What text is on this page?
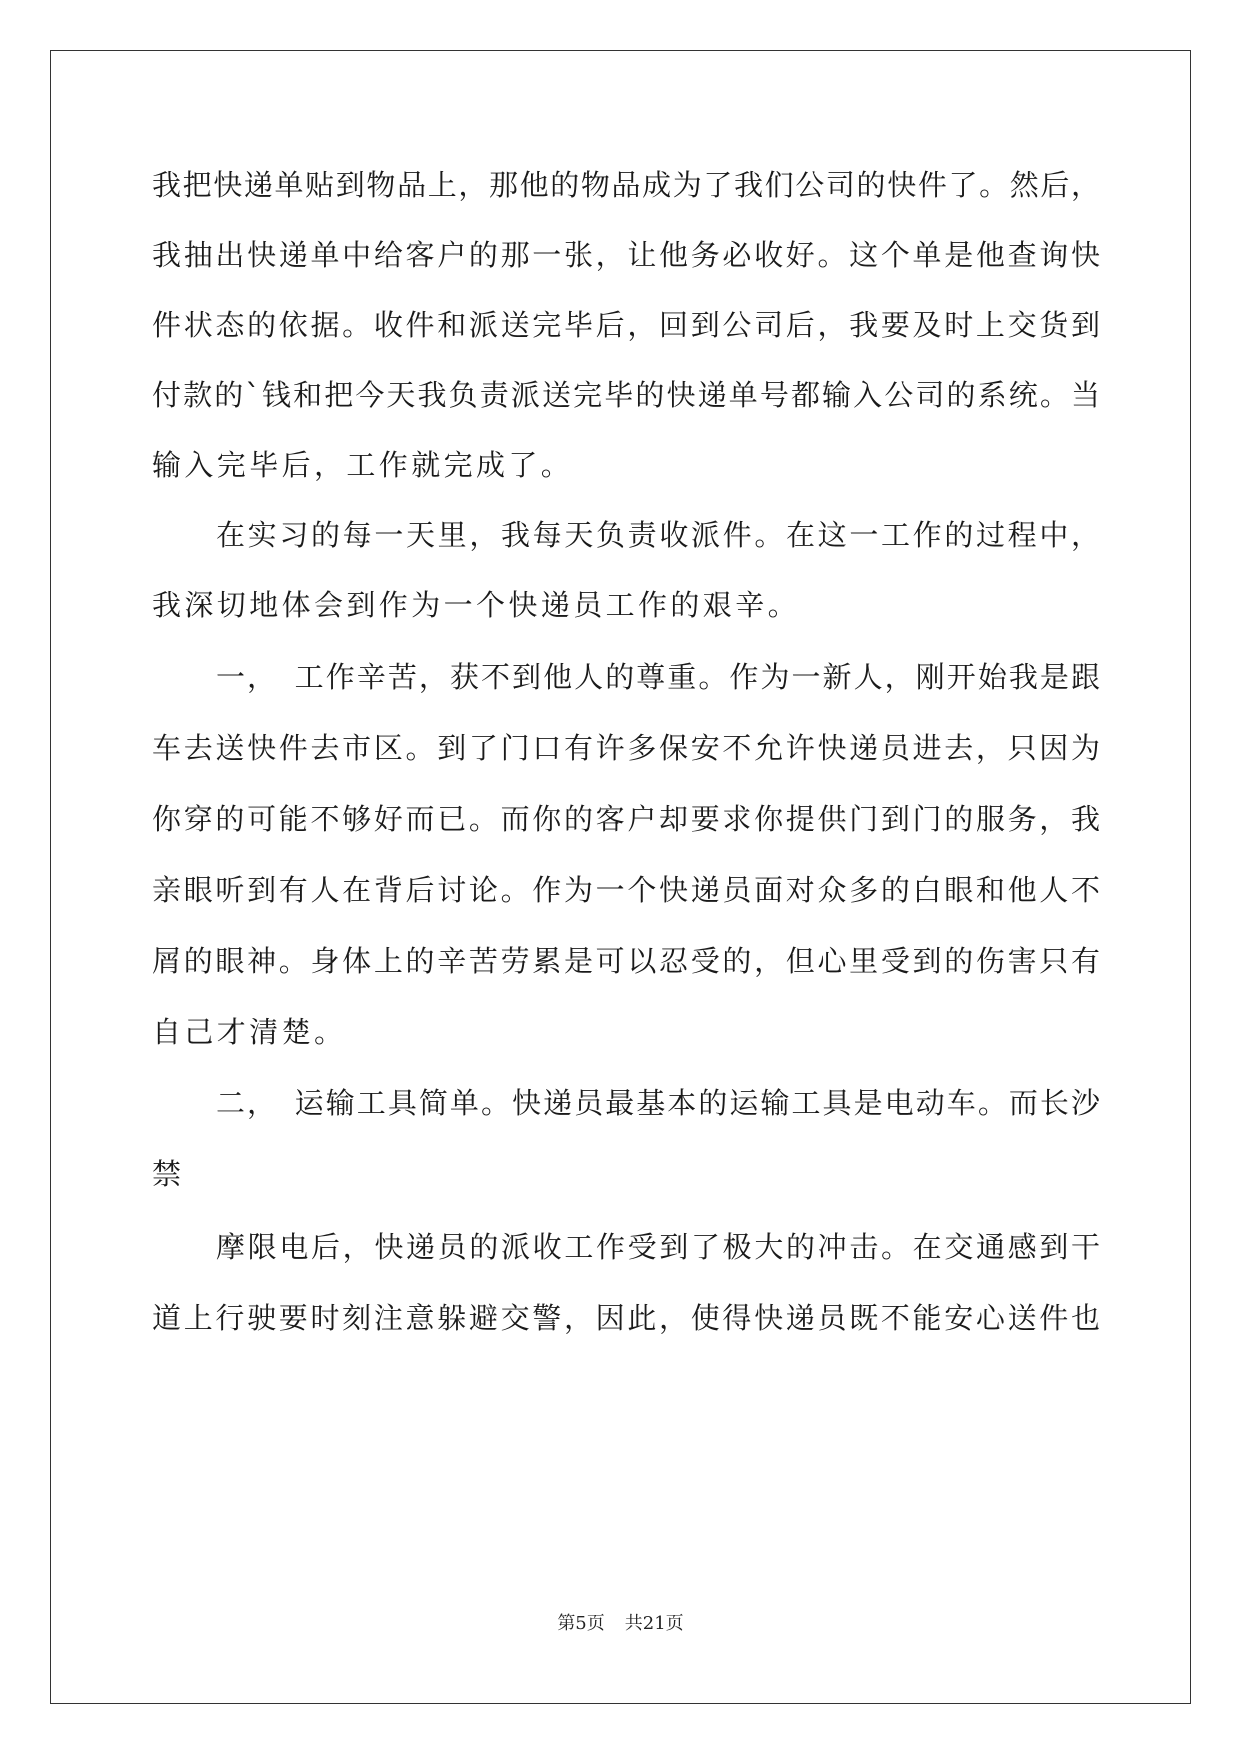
我把快递单贴到物品上，那他的物品成为了我们公司的快件了。然后，
我抽出快递单中给客户的那一张，让他务必收好。这个单是他查询快
件状态的依据。收件和派送完毕后，回到公司后，我要及时上交货到
付款的`钱和把今天我负责派送完毕的快递单号都输入公司的系统。当
输入完毕后，工作就完成了。
在实习的每一天里，我每天负责收派件。在这一工作的过程中，
我深切地体会到作为一个快递员工作的艰辛。
一，　工作辛苦，获不到他人的尊重。作为一新人，刚开始我是跟
车去送快件去市区。到了门口有许多保安不允许快递员进去，只因为
你穿的可能不够好而已。而你的客户却要求你提供门到门的服务，我
亲眼听到有人在背后讨论。作为一个快递员面对众多的白眼和他人不
屑的眼神。身体上的辛苦劳累是可以忍受的，但心里受到的伤害只有
自己才清楚。
二，　运输工具简单。快递员最基本的运输工具是电动车。而长沙
禁
摩限电后，快递员的派收工作受到了极大的冲击。在交通感到干
道上行驶要时刻注意躲避交警，因此，使得快递员既不能安心送件也
第5页 共21页
